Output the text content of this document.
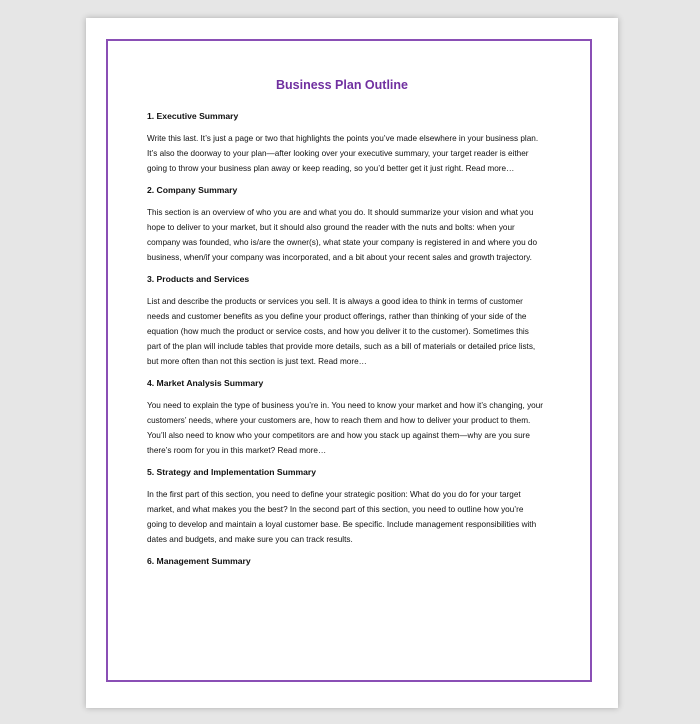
Business Plan Outline

1. Executive Summary

Write this last. It’s just a page or two that highlights the points you’ve made elsewhere in your business plan. It’s also the doorway to your plan—after looking over your executive summary, your target reader is either going to throw your business plan away or keep reading, so you’d better get it just right. Read more…

2. Company Summary

This section is an overview of who you are and what you do. It should summarize your vision and what you hope to deliver to your market, but it should also ground the reader with the nuts and bolts: when your company was founded, who is/are the owner(s), what state your company is registered in and where you do business, when/if your company was incorporated, and a bit about your recent sales and growth trajectory.

3. Products and Services

List and describe the products or services you sell. It is always a good idea to think in terms of customer needs and customer benefits as you define your product offerings, rather than thinking of your side of the equation (how much the product or service costs, and how you deliver it to the customer). Sometimes this part of the plan will include tables that provide more details, such as a bill of materials or detailed price lists, but more often than not this section is just text. Read more…

4. Market Analysis Summary

You need to explain the type of business you’re in. You need to know your market and how it’s changing, your customers’ needs, where your customers are, how to reach them and how to deliver your product to them. You’ll also need to know who your competitors are and how you stack up against them—why are you sure there’s room for you in this market? Read more…

5. Strategy and Implementation Summary

In the first part of this section, you need to define your strategic position: What do you do for your target market, and what makes you the best? In the second part of this section, you need to outline how you’re going to develop and maintain a loyal customer base. Be specific. Include management responsibilities with dates and budgets, and make sure you can track results.

6. Management Summary
